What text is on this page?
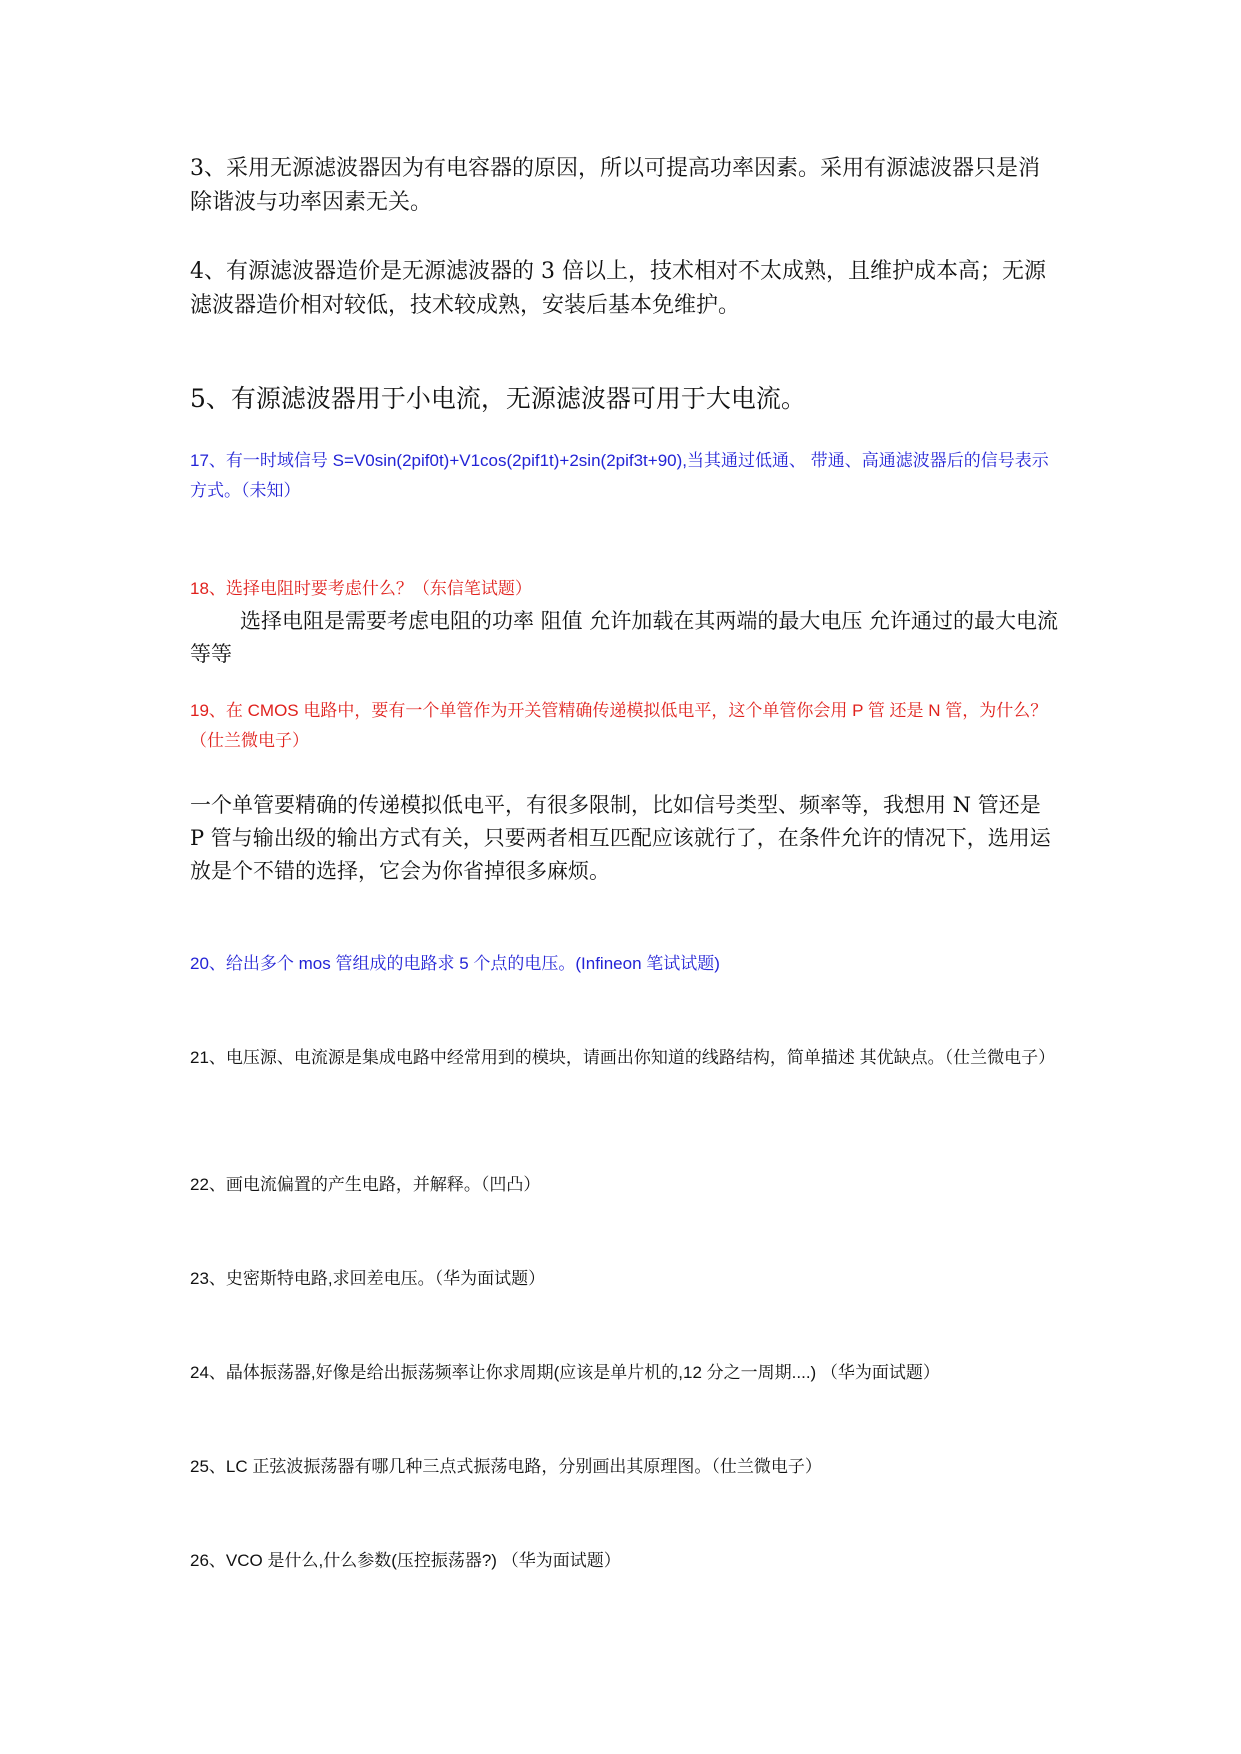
3、采用无源滤波器因为有电容器的原因，所以可提高功率因素。采用有源滤波器只是消除谐波与功率因素无关。
4、有源滤波器造价是无源滤波器的 3 倍以上，技术相对不太成熟，且维护成本高；无源滤波器造价相对较低，技术较成熟，安装后基本免维护。
5、有源滤波器用于小电流，无源滤波器可用于大电流。
17、有一时域信号 S=V0sin(2pif0t)+V1cos(2pif1t)+2sin(2pif3t+90),当其通过低通、 带通、高通滤波器后的信号表示方式。（未知）
18、选择电阻时要考虑什么？（东信笔试题）
选择电阻是需要考虑电阻的功率 阻值 允许加载在其两端的最大电压 允许通过的最大电流 等等
19、在 CMOS 电路中，要有一个单管作为开关管精确传递模拟低电平，这个单管你会用 P 管 还是 N 管，为什么？（仕兰微电子）
一个单管要精确的传递模拟低电平，有很多限制，比如信号类型、频率等，我想用 N 管还是 P 管与输出级的输出方式有关，只要两者相互匹配应该就行了，在条件允许的情况下，选用运放是个不错的选择，它会为你省掉很多麻烦。
20、给出多个 mos 管组成的电路求 5 个点的电压。(Infineon 笔试试题)
21、电压源、电流源是集成电路中经常用到的模块，请画出你知道的线路结构，简单描述 其优缺点。（仕兰微电子）
22、画电流偏置的产生电路，并解释。（凹凸）
23、史密斯特电路,求回差电压。（华为面试题）
24、晶体振荡器,好像是给出振荡频率让你求周期(应该是单片机的,12 分之一周期....) （华为面试题）
25、LC 正弦波振荡器有哪几种三点式振荡电路，分别画出其原理图。（仕兰微电子）
26、VCO 是什么,什么参数(压控振荡器?) （华为面试题）
